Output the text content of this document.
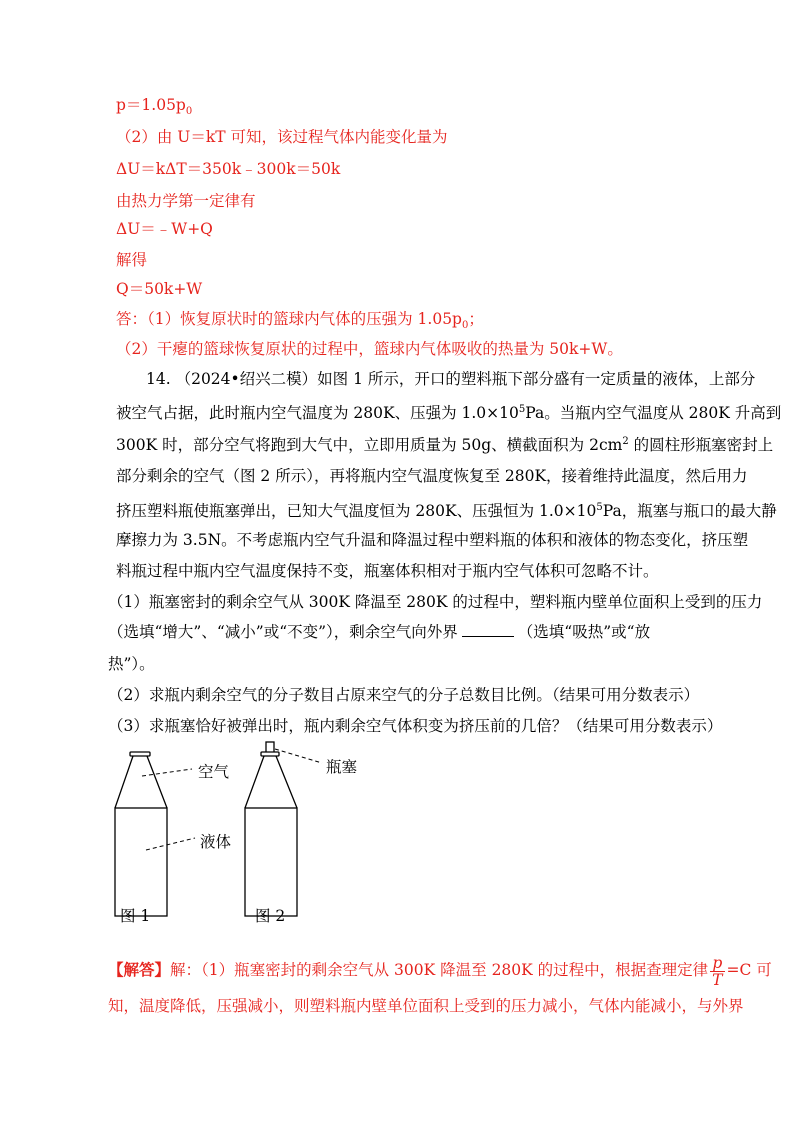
$p=1.05p_0$
（2）由 U＝kT 可知，该过程气体内能变化量为
ΔU＝kΔT＝350k﹣300k＝50k
由热力学第一定律有
ΔU＝﹣W+Q
解得
Q＝50k+W
答：（1）恢复原状时的篮球内气体的压强为 $1.05p_0$；
（2）干瘪的篮球恢复原状的过程中，篮球内气体吸收的热量为 50k+W。
14. （2024•绍兴二模）如图 1 所示，开口的塑料瓶下部分盛有一定质量的液体，上部分
被空气占据，此时瓶内空气温度为 280K、压强为 $1.0\times 10^5Pa$。当瓶内空气温度从 280K 升高到
300K 时，部分空气将跑到大气中，立即用质量为 50g、横截面积为 $2cm^2$ 的圆柱形瓶塞密封上
部分剩余的空气（图 2 所示），再将瓶内空气温度恢复至 280K，接着维持此温度，然后用力
挤压塑料瓶使瓶塞弹出，已知大气温度恒为 280K、压强恒为 $1.0\times 10^5Pa$，瓶塞与瓶口的最大静
摩擦力为 3.5N。不考虑瓶内空气升温和降温过程中塑料瓶的体积和液体的物态变化，挤压塑
料瓶过程中瓶内空气温度保持不变，瓶塞体积相对于瓶内空气体积可忽略不计。
（1）瓶塞密封的剩余空气从 300K 降温至 280K 的过程中，塑料瓶内壁单位面积上受到的压力
（选填“增大”、“减小”或“不变”），剩余空气向外界	（选填“吸热”或“放
热”）。
（2）求瓶内剩余空气的分子数目占原来空气的分子总数目比例。（结果可用分数表示）
（3）求瓶塞恰好被弹出时，瓶内剩余空气体积变为挤压前的几倍？（结果可用分数表示）
空气
液体
瓶塞
图 1	图 2
【解答】解：（1）瓶塞密封的剩余空气从 300K 降温至 280K 的过程中，根据查理定律 $\frac{p}{T} =C$ 可
知，温度降低，压强减小，则塑料瓶内壁单位面积上受到的压力减小，气体内能减小，与外界
